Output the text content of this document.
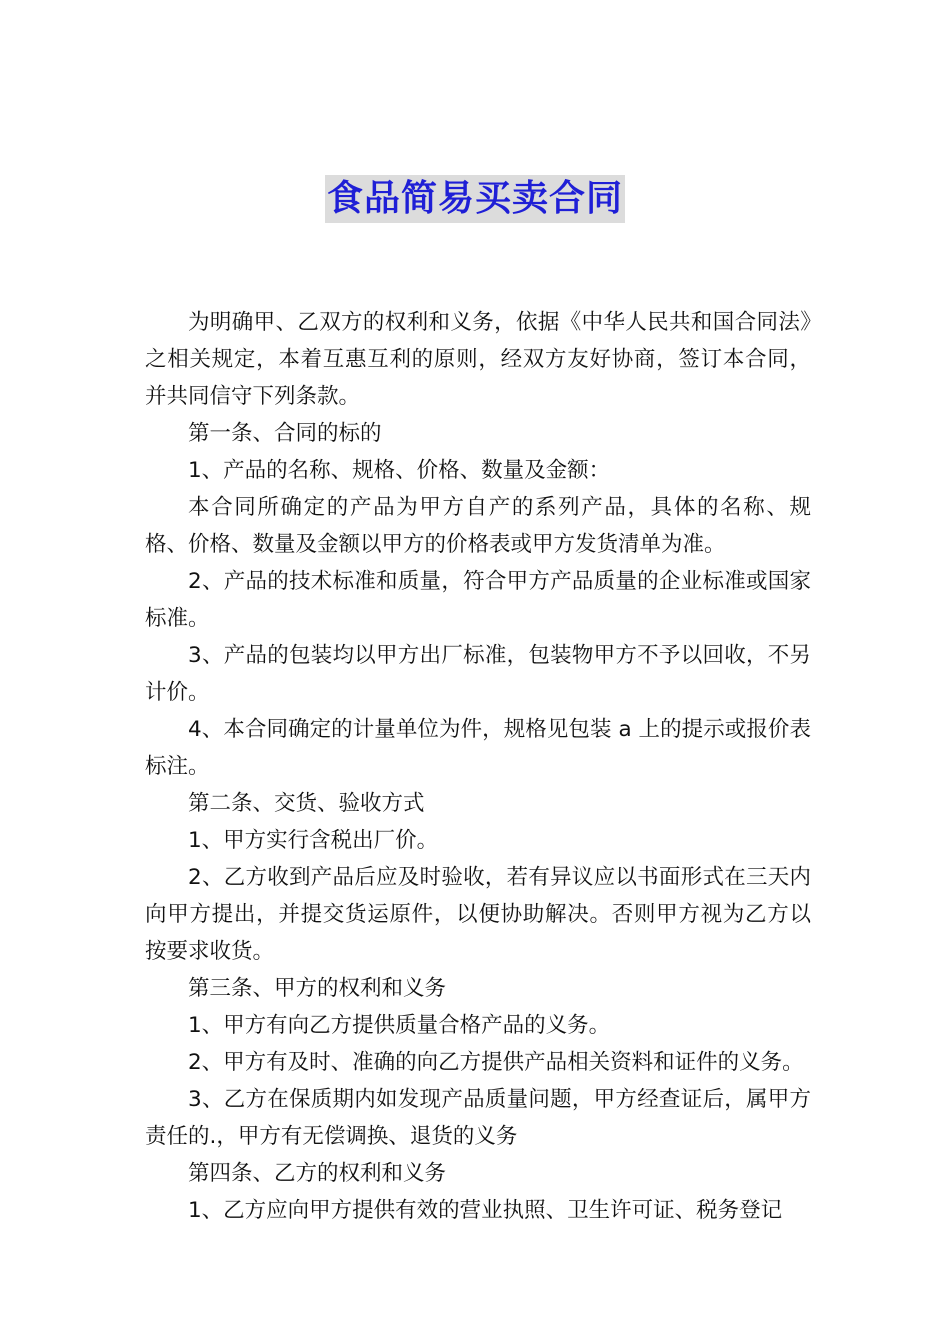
食品简易买卖合同

为明确甲、乙双方的权利和义务，依据《中华人民共和国合同法》之相关规定，本着互惠互利的原则，经双方友好协商，签订本合同，并共同信守下列条款。

第一条、合同的标的

1、产品的名称、规格、价格、数量及金额：

本合同所确定的产品为甲方自产的系列产品，具体的名称、规格、价格、数量及金额以甲方的价格表或甲方发货清单为准。

2、产品的技术标准和质量，符合甲方产品质量的企业标准或国家标准。

3、产品的包装均以甲方出厂标准，包装物甲方不予以回收，不另计价。

4、本合同确定的计量单位为件，规格见包装 a 上的提示或报价表标注。

第二条、交货、验收方式

1、甲方实行含税出厂价。

2、乙方收到产品后应及时验收，若有异议应以书面形式在三天内向甲方提出，并提交货运原件，以便协助解决。否则甲方视为乙方以按要求收货。

第三条、甲方的权利和义务

1、甲方有向乙方提供质量合格产品的义务。

2、甲方有及时、准确的向乙方提供产品相关资料和证件的义务。

3、乙方在保质期内如发现产品质量问题，甲方经查证后，属甲方责任的.，甲方有无偿调换、退货的义务

第四条、乙方的权利和义务

1、乙方应向甲方提供有效的营业执照、卫生许可证、税务登记
